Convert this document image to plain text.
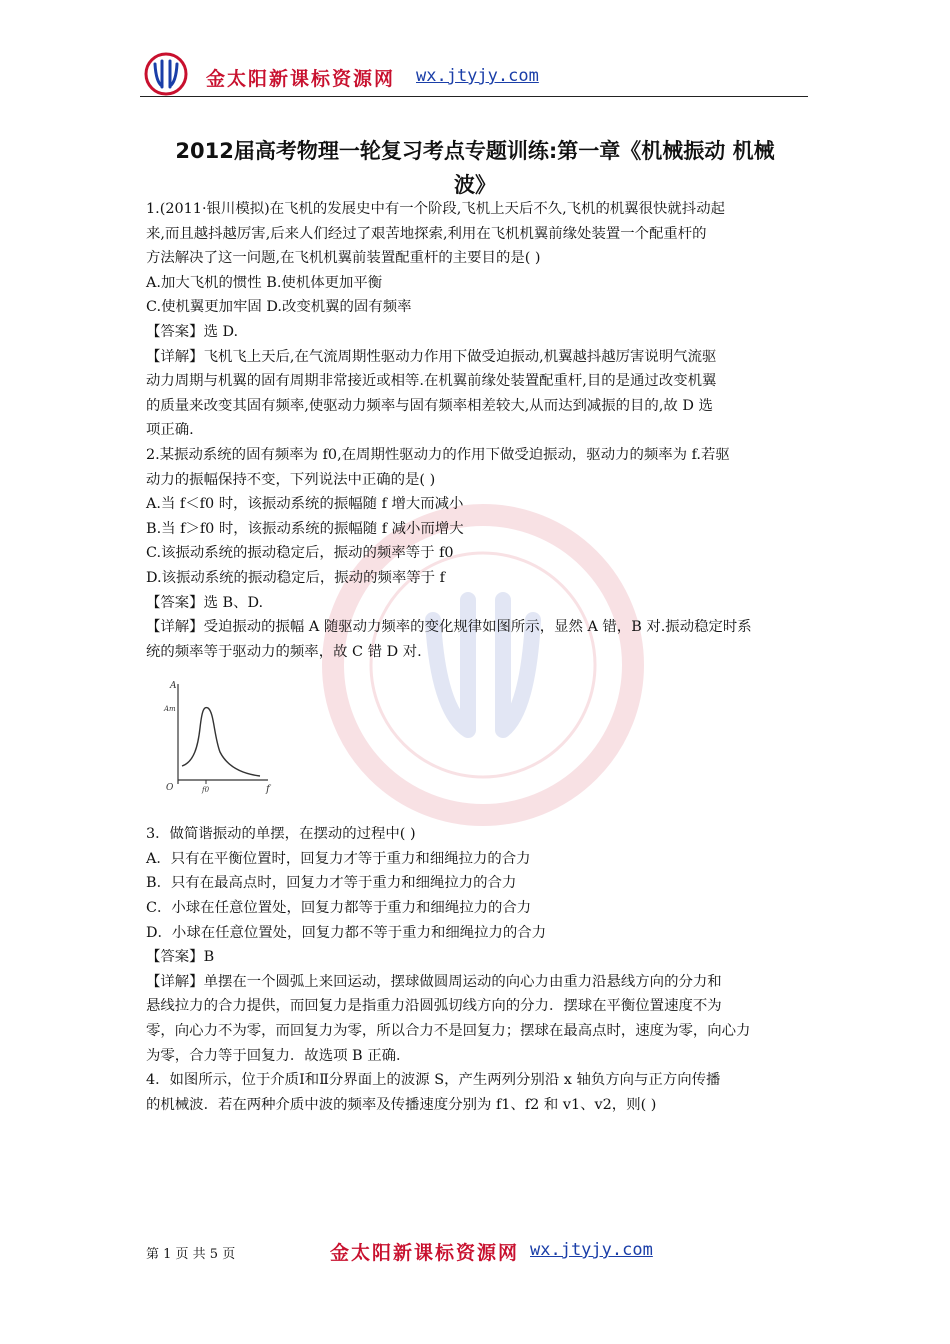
金太阳新课标资源网 wx.jtyjy.com
2012届高考物理一轮复习考点专题训练:第一章《机械振动 机械
波》

1.(2011·银川模拟)在飞机的发展史中有一个阶段,飞机上天后不久,飞机的机翼很快就抖动起

来,而且越抖越厉害,后来人们经过了艰苦地探索,利用在飞机机翼前缘处装置一个配重杆的

方法解决了这一问题,在飞机机翼前装置配重杆的主要目的是( )

A.加大飞机的惯性 B.使机体更加平衡

C.使机翼更加牢固 D.改变机翼的固有频率

【答案】选 D.

【详解】飞机飞上天后,在气流周期性驱动力作用下做受迫振动,机翼越抖越厉害说明气流驱

动力周期与机翼的固有周期非常接近或相等.在机翼前缘处装置配重杆,目的是通过改变机翼

的质量来改变其固有频率,使驱动力频率与固有频率相差较大,从而达到减振的目的,故 D 选

项正确.

2.某振动系统的固有频率为 f0,在周期性驱动力的作用下做受迫振动，驱动力的频率为 f.若驱

动力的振幅保持不变，下列说法中正确的是( )

A.当 f＜f0 时，该振动系统的振幅随 f 增大而减小

B.当 f＞f0 时，该振动系统的振幅随 f 减小而增大

C.该振动系统的振动稳定后，振动的频率等于 f0

D.该振动系统的振动稳定后，振动的频率等于 f

【答案】选 B、D.

【详解】受迫振动的振幅 A 随驱动力频率的变化规律如图所示，显然 A 错，B 对.振动稳定时系

统的频率等于驱动力的频率，故 C 错 D 对.

3．做简谐振动的单摆，在摆动的过程中( )

A．只有在平衡位置时，回复力才等于重力和细绳拉力的合力

B．只有在最高点时，回复力才等于重力和细绳拉力的合力

C．小球在任意位置处，回复力都等于重力和细绳拉力的合力

D．小球在任意位置处，回复力都不等于重力和细绳拉力的合力

【答案】B

【详解】单摆在一个圆弧上来回运动，摆球做圆周运动的向心力由重力沿悬线方向的分力和

悬线拉力的合力提供，而回复力是指重力沿圆弧切线方向的分力．摆球在平衡位置速度不为

零，向心力不为零，而回复力为零，所以合力不是回复力；摆球在最高点时，速度为零，向心力

为零，合力等于回复力．故选项 B 正确．

4．如图所示，位于介质Ⅰ和Ⅱ分界面上的波源 S，产生两列分别沿 x 轴负方向与正方向传播

的机械波．若在两种介质中波的频率及传播速度分别为 f1、f2 和 v1、v2，则( )

A
Am
O	f0	f
第 1 页 共 5 页	金太阳新课标资源网 wx.jtyjy.com
